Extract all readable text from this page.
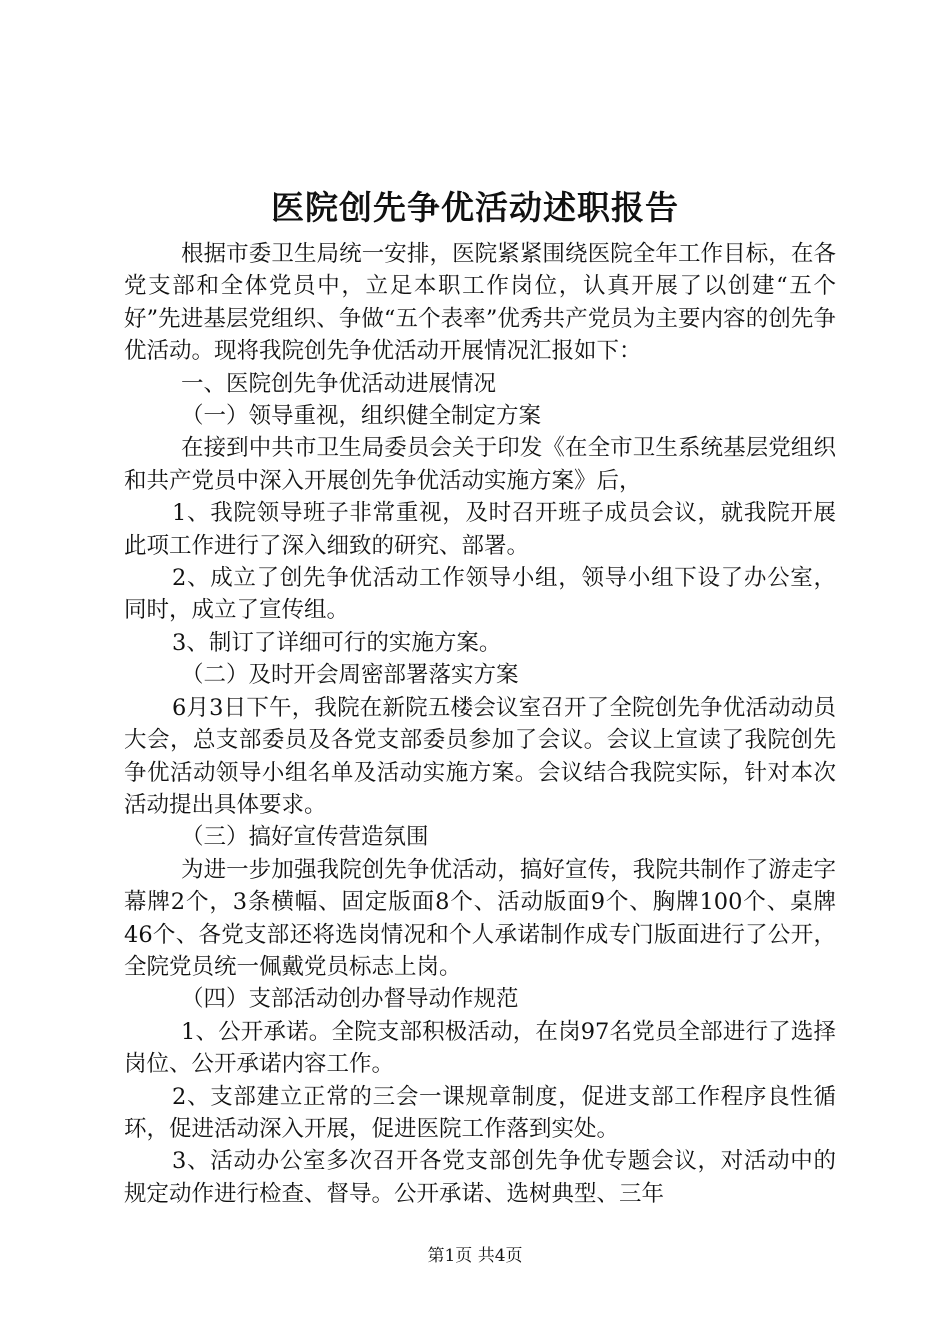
医院创先争优活动述职报告

根据市委卫生局统一安排，医院紧紧围绕医院全年工作目标，在各党支部和全体党员中，立足本职工作岗位，认真开展了以创建“五个好”先进基层党组织、争做“五个表率”优秀共产党员为主要内容的创先争优活动。现将我院创先争优活动开展情况汇报如下：

一、医院创先争优活动进展情况

（一）领导重视，组织健全制定方案

在接到中共市卫生局委员会关于印发《在全市卫生系统基层党组织和共产党员中深入开展创先争优活动实施方案》后，

1、我院领导班子非常重视，及时召开班子成员会议，就我院开展此项工作进行了深入细致的研究、部署。

2、成立了创先争优活动工作领导小组，领导小组下设了办公室，同时，成立了宣传组。

3、制订了详细可行的实施方案。

（二）及时开会周密部署落实方案

6月3日下午，我院在新院五楼会议室召开了全院创先争优活动动员大会，总支部委员及各党支部委员参加了会议。会议上宣读了我院创先争优活动领导小组名单及活动实施方案。会议结合我院实际，针对本次活动提出具体要求。

（三）搞好宣传营造氛围

为进一步加强我院创先争优活动，搞好宣传，我院共制作了游走字幕牌2个，3条横幅、固定版面8个、活动版面9个、胸牌100个、桌牌46个、各党支部还将选岗情况和个人承诺制作成专门版面进行了公开，全院党员统一佩戴党员标志上岗。

（四）支部活动创办督导动作规范

1、公开承诺。全院支部积极活动，在岗97名党员全部进行了选择岗位、公开承诺内容工作。

2、支部建立正常的三会一课规章制度，促进支部工作程序良性循环，促进活动深入开展，促进医院工作落到实处。

3、活动办公室多次召开各党支部创先争优专题会议，对活动中的规定动作进行检查、督导。公开承诺、选树典型、三年

第1页 共4页
